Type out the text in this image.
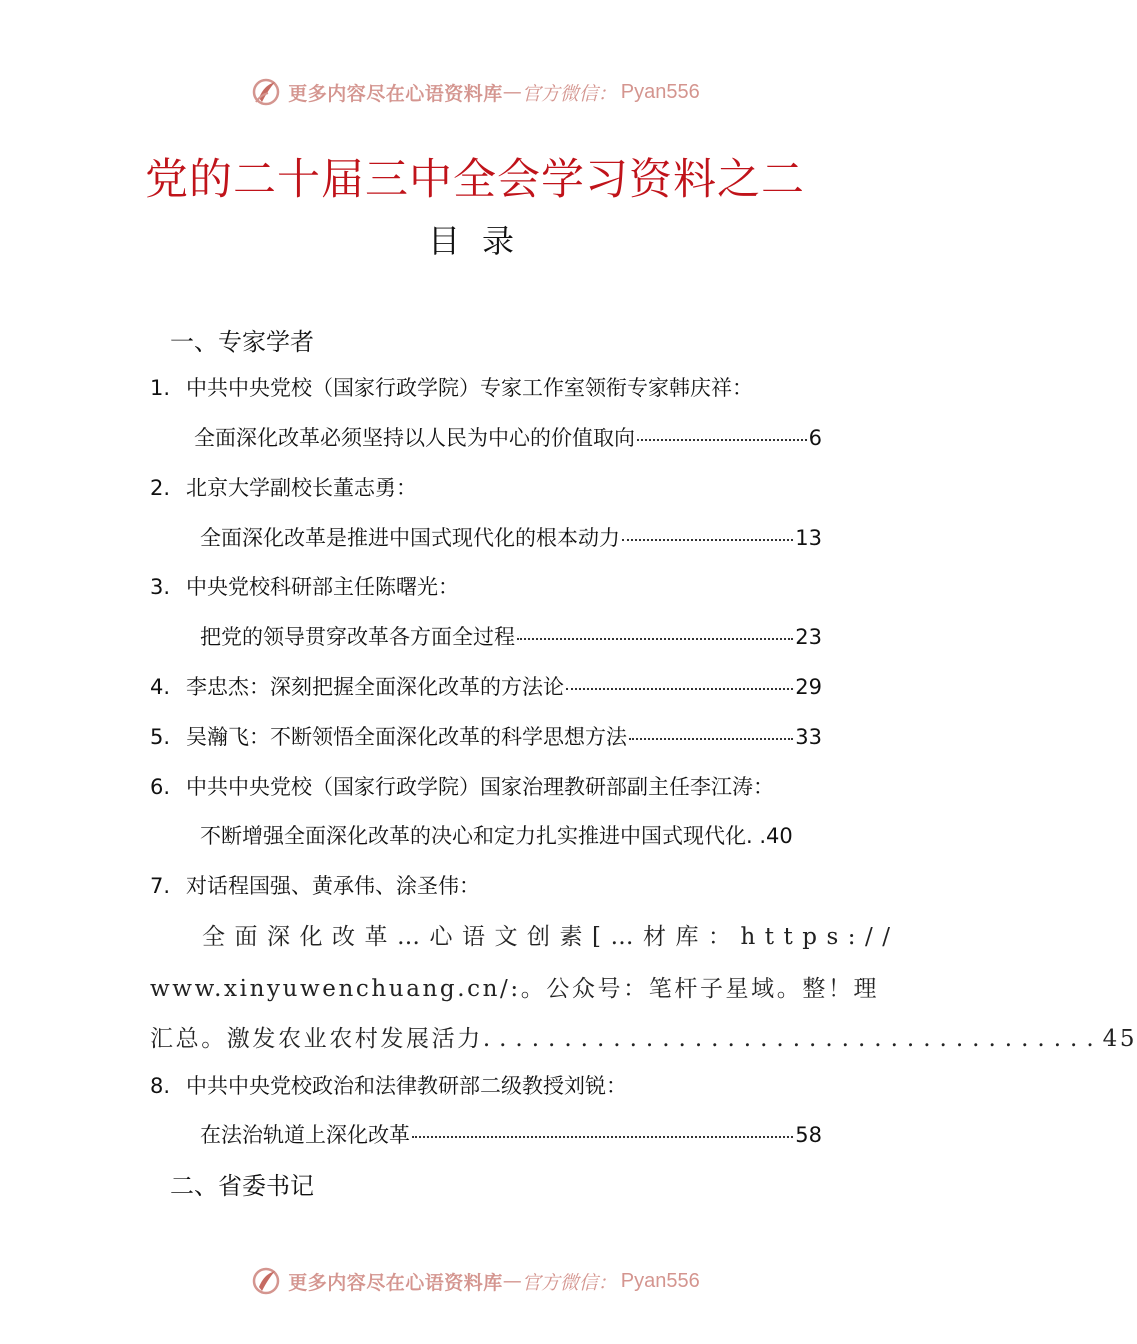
更多内容尽在心语资料库 — 官方微信： Pyan556
党的二十届三中全会学习资料之二
目录
一、专家学者
1. 中共中央党校（国家行政学院）专家工作室领衔专家韩庆祥：
全面深化改革必须坚持以人民为中心的价值取向	6
2. 北京大学副校长董志勇：
全面深化改革是推进中国式现代化的根本动力	13
3. 中央党校科研部主任陈曙光：
把党的领导贯穿改革各方面全过程	23
4. 李忠杰：深刻把握全面深化改革的方法论	29
5. 吴瀚飞：不断领悟全面深化改革的科学思想方法	33
6. 中共中央党校（国家行政学院）国家治理教研部副主任李江涛：
不断增强全面深化改革的决心和定力扎实推进中国式现代化. . 40
7. 对话程国强、黄承伟、涂圣伟：
全面深化改革…心语文创素[…材库：https://
www.xinyuwenchuang.cn/:。公众号：笔杆子星域。整！理
汇总。激发农业农村发展活力 ...................................... 45
8. 中共中央党校政治和法律教研部二级教授刘锐：
在法治轨道上深化改革	58
二、省委书记
更多内容尽在心语资料库 — 官方微信： Pyan556
